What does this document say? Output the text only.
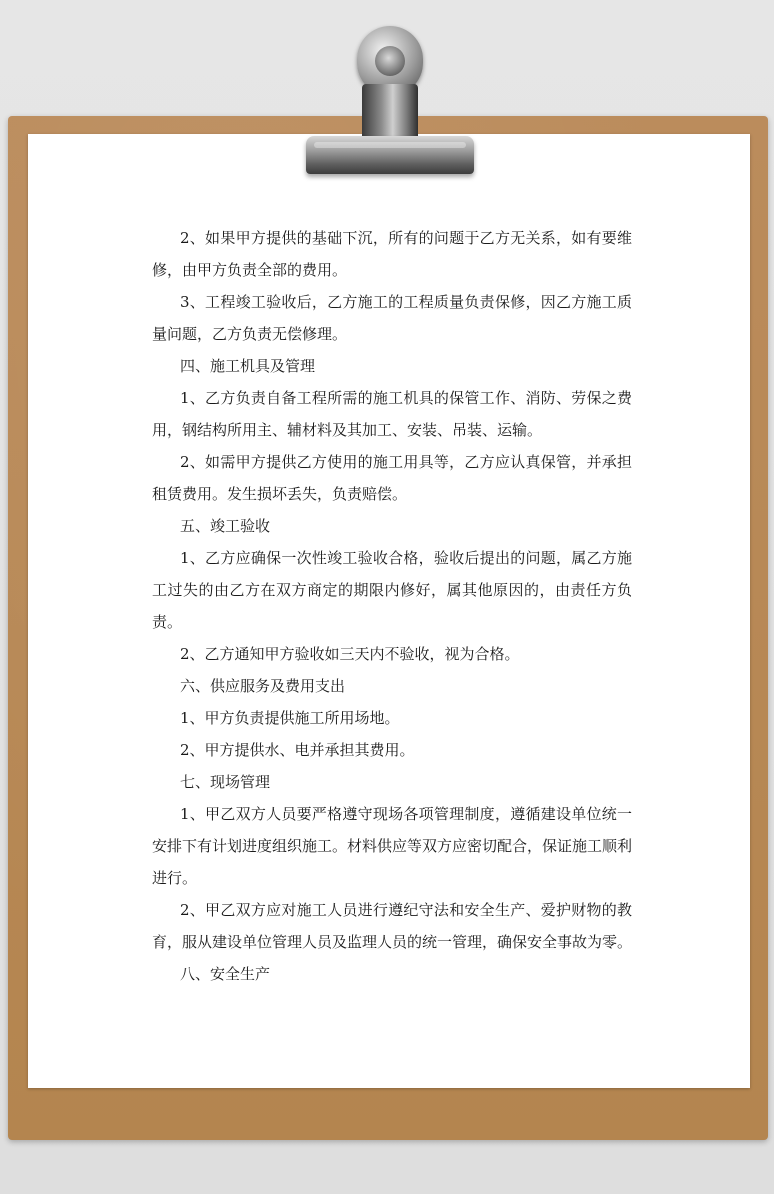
2、如果甲方提供的基础下沉，所有的问题于乙方无关系，如有要维修，由甲方负责全部的费用。

3、工程竣工验收后，乙方施工的工程质量负责保修，因乙方施工质量问题，乙方负责无偿修理。

四、施工机具及管理

1、乙方负责自备工程所需的施工机具的保管工作、消防、劳保之费用，钢结构所用主、辅材料及其加工、安装、吊装、运输。

2、如需甲方提供乙方使用的施工用具等，乙方应认真保管，并承担租赁费用。发生损坏丢失，负责赔偿。

五、竣工验收

1、乙方应确保一次性竣工验收合格，验收后提出的问题，属乙方施工过失的由乙方在双方商定的期限内修好，属其他原因的，由责任方负责。

2、乙方通知甲方验收如三天内不验收，视为合格。

六、供应服务及费用支出

1、甲方负责提供施工所用场地。

2、甲方提供水、电并承担其费用。

七、现场管理

1、甲乙双方人员要严格遵守现场各项管理制度，遵循建设单位统一安排下有计划进度组织施工。材料供应等双方应密切配合，保证施工顺利进行。

2、甲乙双方应对施工人员进行遵纪守法和安全生产、爱护财物的教育，服从建设单位管理人员及监理人员的统一管理，确保安全事故为零。

八、安全生产
